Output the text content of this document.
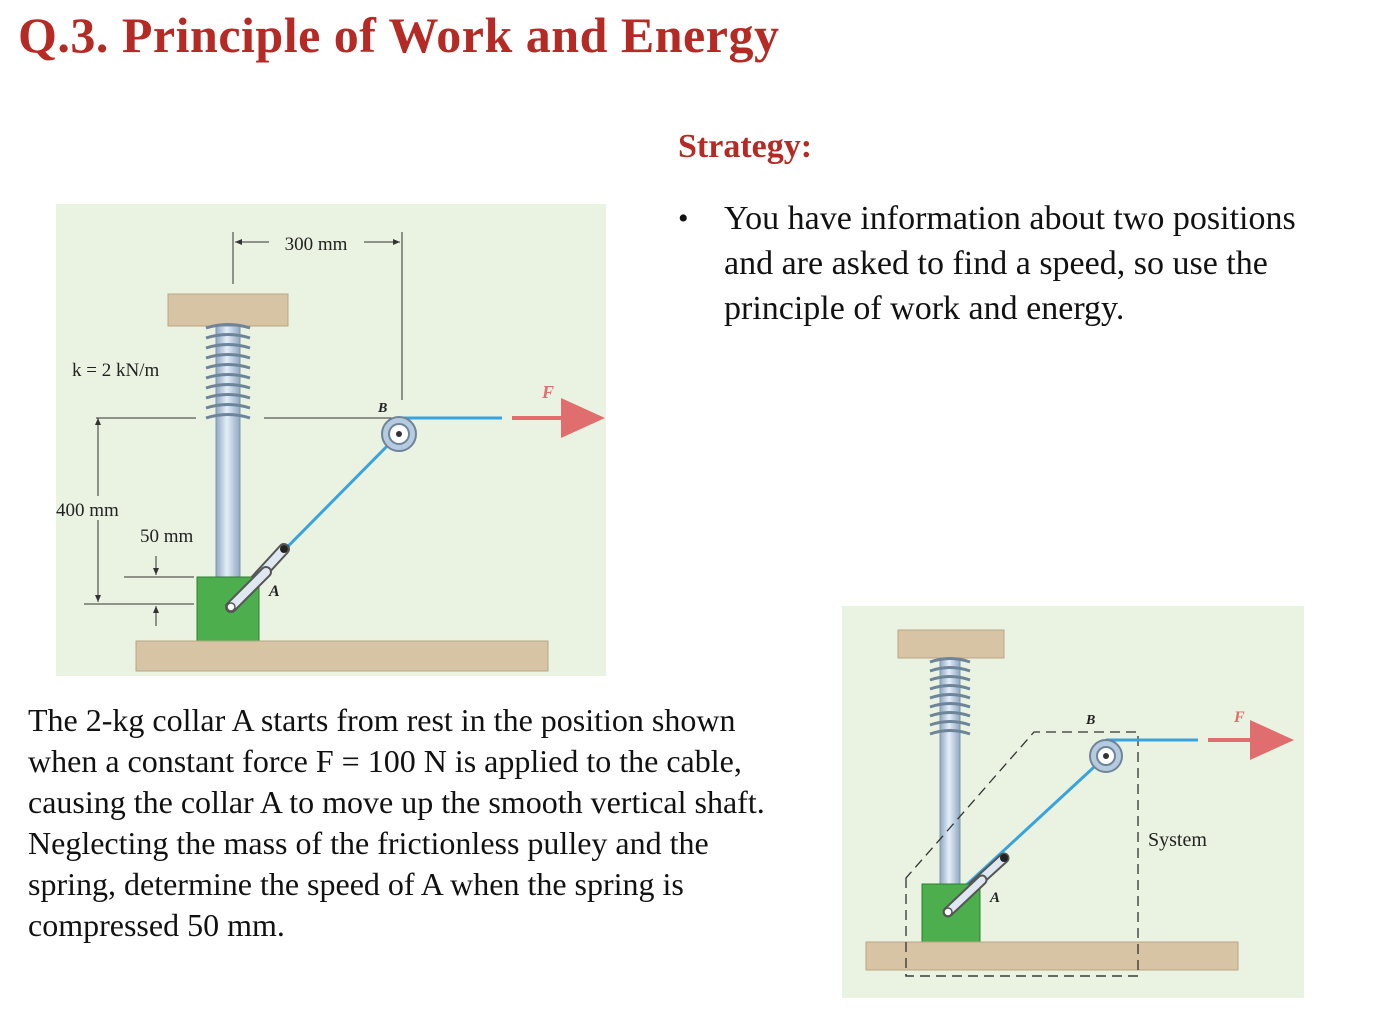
Q.3. Principle of Work and Energy
Strategy:
• You have information about two positions and are asked to find a speed, so use the principle of work and energy.
300 mm
k = 2 kN/m
B
F
A
400 mm
50 mm

The 2-kg collar A starts from rest in the position shown when a constant force F = 100 N is applied to the cable, causing the collar A to move up the smooth vertical shaft.

Neglecting the mass of the frictionless pulley and the spring, determine the speed of A when the spring is compressed 50 mm.

B	F
A
System
